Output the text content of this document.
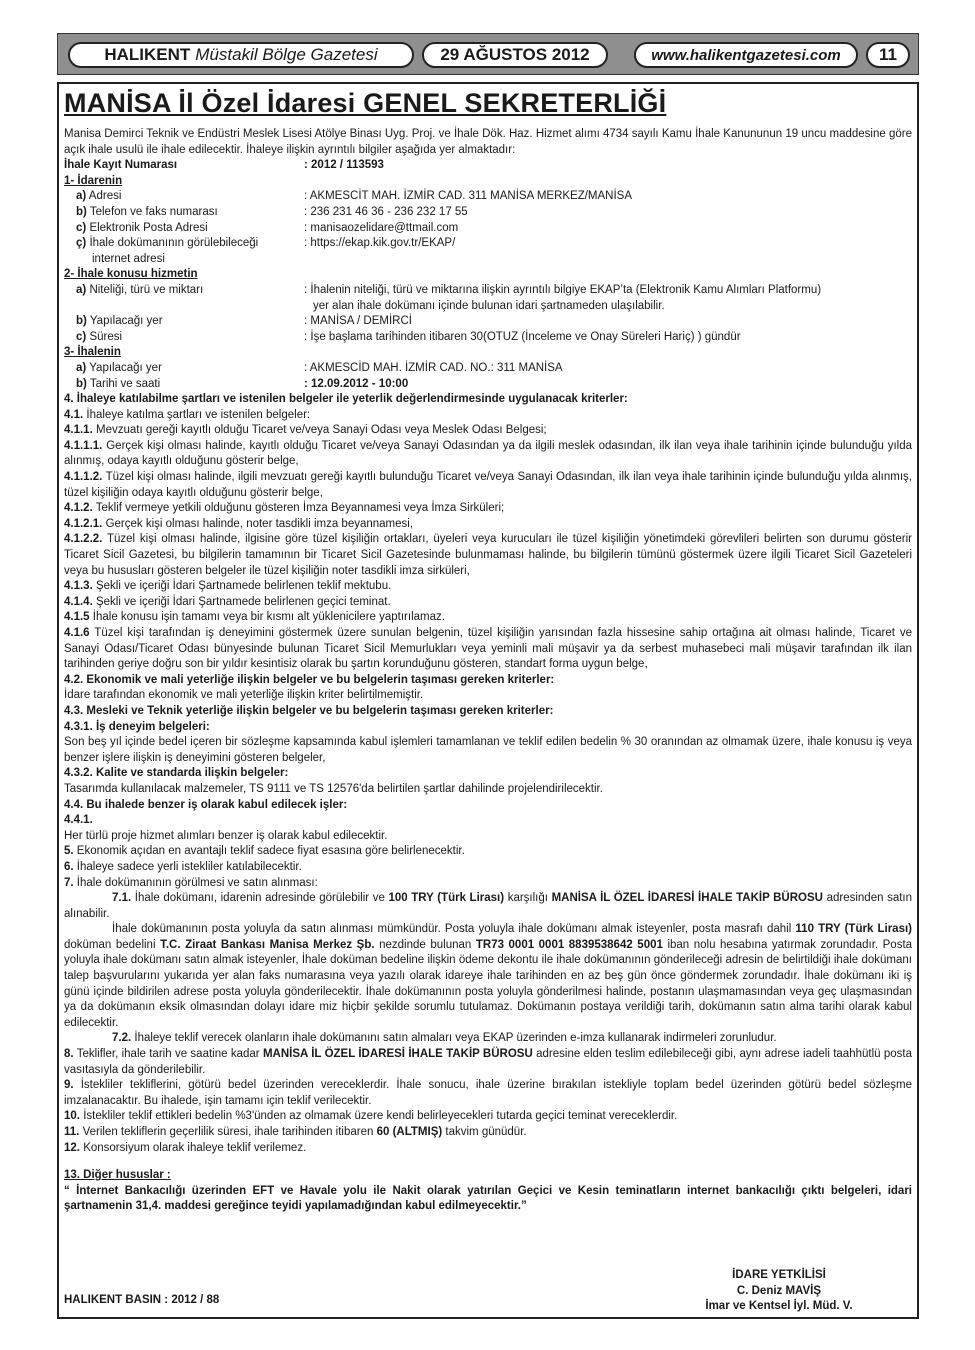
HALIKENT Müstakil Bölge Gazetesi	29 AĞUSTOS 2012	www.halikentgazetesi.com	11
MANİSA İl Özel İdaresi GENEL SEKRETERLİĞİ

Manisa Demirci Teknik ve Endüstri Meslek Lisesi Atölye Binası Uyg. Proj. ve İhale Dök. Haz. Hizmet alımı 4734 sayılı Kamu İhale Kanununun 19 uncu maddesine göre açık ihale usulü ile ihale edilecektir. İhaleye ilişkin ayrıntılı bilgiler aşağıda yer almaktadır:

İhale Kayıt Numarası	: 2012 / 113593
1- İdarenin
a) Adresi	: AKMESCİT MAH. İZMİR CAD. 311 MANİSA MERKEZ/MANİSA
b) Telefon ve faks numarası	: 236 231 46 36 - 236 232 17 55
c) Elektronik Posta Adresi	: manisaozelidare@ttmail.com
ç) İhale dokümanının görülebileceği	: https://ekap.kik.gov.tr/EKAP/
internet adresi
2- İhale konusu hizmetin
a) Niteliği, türü ve miktarı	: İhalenin niteliği, türü ve miktarına ilişkin ayrıntılı bilgiye EKAP’ta (Elektronik Kamu Alımları Platformu)
yer alan ihale dokümanı içinde bulunan idari şartnameden ulaşılabilir.
b) Yapılacağı yer	: MANİSA / DEMİRCİ
c) Süresi	: İşe başlama tarihinden itibaren 30(OTUZ (İnceleme ve Onay Süreleri Hariç) ) gündür
3- İhalenin
a) Yapılacağı yer	: AKMESCİD MAH. İZMİR CAD. NO.: 311 MANİSA
b) Tarihi ve saati	: 12.09.2012 - 10:00

4. İhaleye katılabilme şartları ve istenilen belgeler ile yeterlik değerlendirmesinde uygulanacak kriterler:

4.1. İhaleye katılma şartları ve istenilen belgeler:

4.1.1. Mevzuatı gereği kayıtlı olduğu Ticaret ve/veya Sanayi Odası veya Meslek Odası Belgesi;

4.1.1.1. Gerçek kişi olması halinde, kayıtlı olduğu Ticaret ve/veya Sanayi Odasından ya da ilgili meslek odasından, ilk ilan veya ihale tarihinin içinde bulunduğu yılda alınmış, odaya kayıtlı olduğunu gösterir belge,

4.1.1.2. Tüzel kişi olması halinde, ilgili mevzuatı gereği kayıtlı bulunduğu Ticaret ve/veya Sanayi Odasından, ilk ilan veya ihale tarihinin içinde bulunduğu yılda alınmış, tüzel kişiliğin odaya kayıtlı olduğunu gösterir belge,

4.1.2. Teklif vermeye yetkili olduğunu gösteren İmza Beyannamesi veya İmza Sirküleri;

4.1.2.1. Gerçek kişi olması halinde, noter tasdikli imza beyannamesi,

4.1.2.2. Tüzel kişi olması halinde, ilgisine göre tüzel kişiliğin ortakları, üyeleri veya kurucuları ile tüzel kişiliğin yönetimdeki görevlileri belirten son durumu gösterir Ticaret Sicil Gazetesi, bu bilgilerin tamamının bir Ticaret Sicil Gazetesinde bulunmaması halinde, bu bilgilerin tümünü göstermek üzere ilgili Ticaret Sicil Gazeteleri veya bu hususları gösteren belgeler ile tüzel kişiliğin noter tasdikli imza sirküleri,

4.1.3. Şekli ve içeriği İdari Şartnamede belirlenen teklif mektubu.

4.1.4. Şekli ve içeriği İdari Şartnamede belirlenen geçici teminat.

4.1.5 İhale konusu işin tamamı veya bir kısmı alt yüklenicilere yaptırılamaz.

4.1.6 Tüzel kişi tarafından iş deneyimini göstermek üzere sunulan belgenin, tüzel kişiliğin yarısından fazla hissesine sahip ortağına ait olması halinde, Ticaret ve Sanayi Odası/Ticaret Odası bünyesinde bulunan Ticaret Sicil Memurlukları veya yeminli mali müşavir ya da serbest muhasebeci mali müşavir tarafından ilk ilan tarihinden geriye doğru son bir yıldır kesintisiz olarak bu şartın korunduğunu gösteren, standart forma uygun belge,

4.2. Ekonomik ve mali yeterliğe ilişkin belgeler ve bu belgelerin taşıması gereken kriterler:

İdare tarafından ekonomik ve mali yeterliğe ilişkin kriter belirtilmemiştir.

4.3. Mesleki ve Teknik yeterliğe ilişkin belgeler ve bu belgelerin taşıması gereken kriterler:

4.3.1. İş deneyim belgeleri:

Son beş yıl içinde bedel içeren bir sözleşme kapsamında kabul işlemleri tamamlanan ve teklif edilen bedelin % 30 oranından az olmamak üzere, ihale konusu iş veya benzer işlere ilişkin iş deneyimini gösteren belgeler,

4.3.2. Kalite ve standarda ilişkin belgeler:

Tasarımda kullanılacak malzemeler, TS 9111 ve TS 12576'da belirtilen şartlar dahilinde projelendirilecektir.

4.4. Bu ihalede benzer iş olarak kabul edilecek işler:

4.4.1.

Her türlü proje hizmet alımları benzer iş olarak kabul edilecektir.

5. Ekonomik açıdan en avantajlı teklif sadece fiyat esasına göre belirlenecektir.

6. İhaleye sadece yerli istekliler katılabilecektir.

7. İhale dokümanının görülmesi ve satın alınması:

7.1. İhale dokümanı, idarenin adresinde görülebilir ve 100 TRY (Türk Lirası) karşılığı MANİSA İL ÖZEL İDARESİ İHALE TAKİP BÜROSU adresinden satın alınabilir.

İhale dokümanının posta yoluyla da satın alınması mümkündür. Posta yoluyla ihale dokümanı almak isteyenler, posta masrafı dahil 110 TRY (Türk Lirası) doküman bedelini T.C. Ziraat Bankası Manisa Merkez Şb. nezdinde bulunan TR73 0001 0001 8839538642 5001 iban nolu hesabına yatırmak zorundadır. Posta yoluyla ihale dokümanı satın almak isteyenler, İhale doküman bedeline ilişkin ödeme dekontu ile ihale dokümanının gönderileceği adresin de belirtildiği ihale dokümanı talep başvurularını yukarıda yer alan faks numarasına veya yazılı olarak idareye ihale tarihinden en az beş gün önce göndermek zorundadır. İhale dokümanı iki iş günü içinde bildirilen adrese posta yoluyla gönderilecektir. İhale dokümanının posta yoluyla gönderilmesi halinde, postanın ulaşmamasından veya geç ulaşmasından ya da dokümanın eksik olmasından dolayı idare miz hiçbir şekilde sorumlu tutulamaz. Dokümanın postaya verildiği tarih, dokümanın satın alma tarihi olarak kabul edilecektir.

7.2. İhaleye teklif verecek olanların ihale dokümanını satın almaları veya EKAP üzerinden e-imza kullanarak indirmeleri zorunludur.

8. Teklifler, ihale tarih ve saatine kadar MANİSA İL ÖZEL İDARESİ İHALE TAKİP BÜROSU adresine elden teslim edilebileceği gibi, aynı adrese iadeli taahhütlü posta vasıtasıyla da gönderilebilir.

9. İstekliler tekliflerini, götürü bedel üzerinden vereceklerdir. İhale sonucu, ihale üzerine bırakılan istekliyle toplam bedel üzerinden götürü bedel sözleşme imzalanacaktır. Bu ihalede, işin tamamı için teklif verilecektir.

10. İstekliler teklif ettikleri bedelin %3'ünden az olmamak üzere kendi belirleyecekleri tutarda geçici teminat vereceklerdir.

11. Verilen tekliflerin geçerlilik süresi, ihale tarihinden itibaren 60 (ALTMIŞ) takvim günüdür.

12. Konsorsiyum olarak ihaleye teklif verilemez.

13. Diğer hususlar :

“ İnternet Bankacılığı üzerinden EFT ve Havale yolu ile Nakit olarak yatırılan Geçici ve Kesin teminatların internet bankacılığı çıktı belgeleri, idari şartnamenin 31,4. maddesi gereğince teyidi yapılamadığından kabul edilmeyecektir.”

İDARE YETKİLİSİ
C. Deniz MAVİŞ
İmar ve Kentsel İyl. Müd. V.
HALIKENT BASIN : 2012 / 88
